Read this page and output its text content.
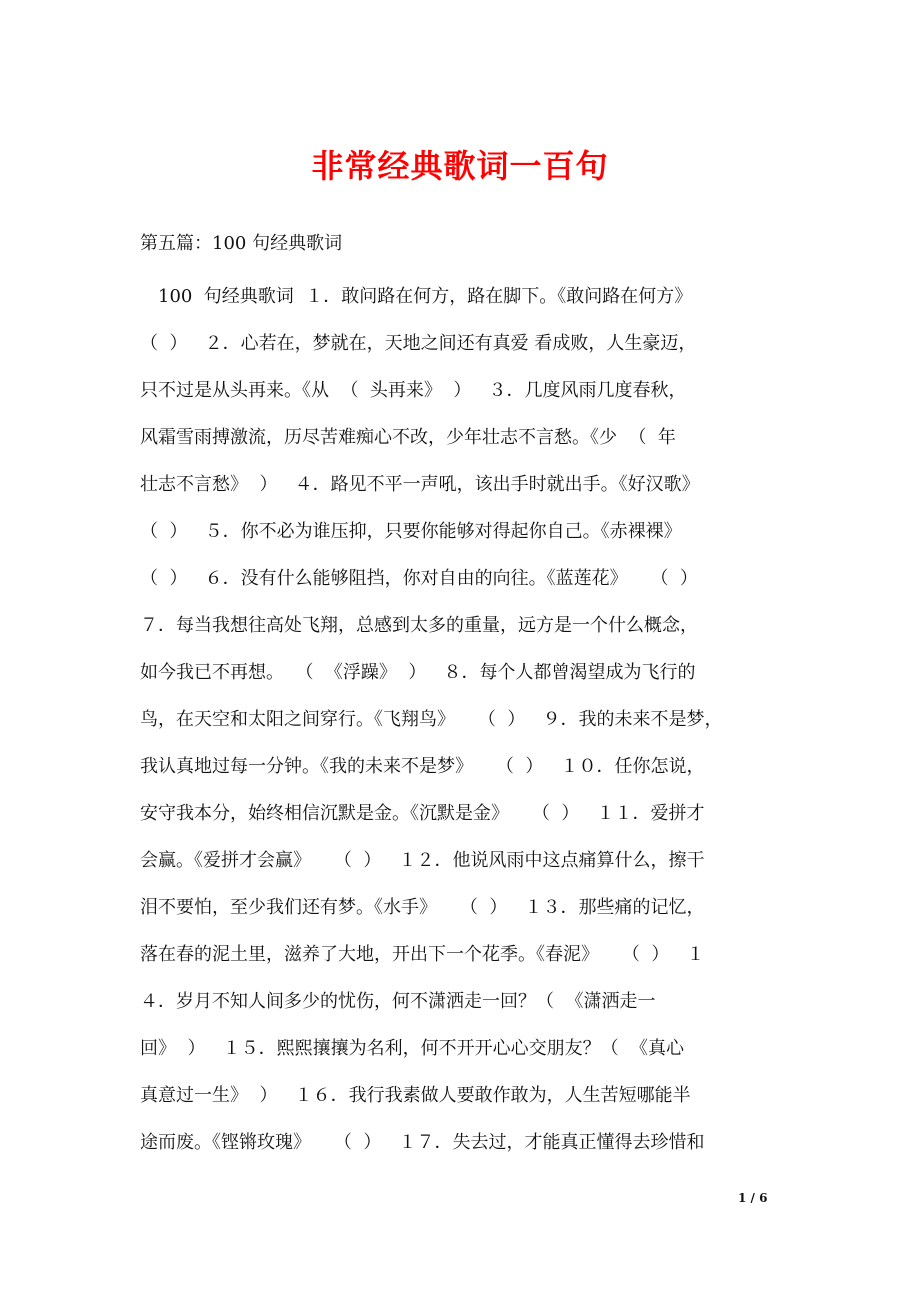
非常经典歌词一百句

第五篇：100 句经典歌词

　100  句经典歌词  １．敢问路在何方，路在脚下。《敢问路在何方》
（  ）   ２．心若在，梦就在，天地之间还有真爱 看成败，人生豪迈，
只不过是从头再来。《从  （  头再来》  ）   ３．几度风雨几度春秋，
风霜雪雨搏激流，历尽苦难痴心不改，少年壮志不言愁。《少  （  年
壮志不言愁》  ）   ４．路见不平一声吼，该出手时就出手。《好汉歌》
（  ）   ５．你不必为谁压抑，只要你能够对得起你自己。《赤裸裸》
（  ）   ６．没有什么能够阻挡，你对自由的向往。《蓝莲花》    （  ）
７．每当我想往高处飞翔，总感到太多的重量，远方是一个什么概念，
如今我已不再想。  （  《浮躁》  ）   ８．每个人都曾渴望成为飞行的
鸟，在天空和太阳之间穿行。《飞翔鸟》    （  ）   ９．我的未来不是梦，
我认真地过每一分钟。《我的未来不是梦》    （  ）   １０．任你怎说，
安守我本分，始终相信沉默是金。《沉默是金》    （  ）   １１．爱拼才
会赢。《爱拼才会赢》    （  ）   １２．他说风雨中这点痛算什么，擦干
泪不要怕，至少我们还有梦。《水手》    （  ）   １３．那些痛的记忆，
落在春的泥土里，滋养了大地，开出下一个花季。《春泥》    （  ）   １
４．岁月不知人间多少的忧伤，何不潇洒走一回？（  《潇洒走一
回》  ）   １５．熙熙攘攘为名利，何不开开心心交朋友？（  《真心
真意过一生》  ）   １６．我行我素做人要敢作敢为，人生苦短哪能半
途而废。《铿锵玫瑰》    （  ）   １７．失去过，才能真正懂得去珍惜和
1 / 6
